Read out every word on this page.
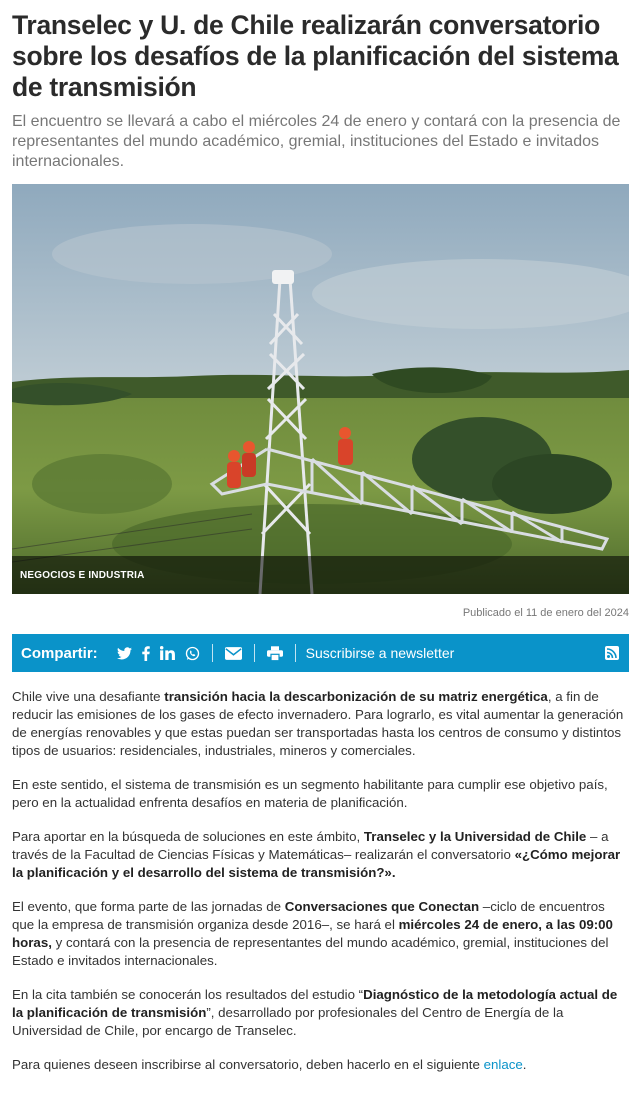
Transelec y U. de Chile realizarán conversatorio sobre los desafíos de la planificación del sistema de transmisión

El encuentro se llevará a cabo el miércoles 24 de enero y contará con la presencia de representantes del mundo académico, gremial, instituciones del Estado e invitados internacionales.

NEGOCIOS E INDUSTRIA
Publicado el 11 de enero del 2024
Compartir:	Suscribirse a newsletter

Chile vive una desafiante transición hacia la descarbonización de su matriz energética, a fin de reducir las emisiones de los gases de efecto invernadero. Para lograrlo, es vital aumentar la generación de energías renovables y que estas puedan ser transportadas hasta los centros de consumo y distintos tipos de usuarios: residenciales, industriales, mineros y comerciales.

En este sentido, el sistema de transmisión es un segmento habilitante para cumplir ese objetivo país, pero en la actualidad enfrenta desafíos en materia de planificación.

Para aportar en la búsqueda de soluciones en este ámbito, Transelec y la Universidad de Chile – a través de la Facultad de Ciencias Físicas y Matemáticas– realizarán el conversatorio «¿Cómo mejorar la planificación y el desarrollo del sistema de transmisión?».

El evento, que forma parte de las jornadas de Conversaciones que Conectan –ciclo de encuentros que la empresa de transmisión organiza desde 2016–, se hará el miércoles 24 de enero, a las 09:00 horas, y contará con la presencia de representantes del mundo académico, gremial, instituciones del Estado e invitados internacionales.

En la cita también se conocerán los resultados del estudio “Diagnóstico de la metodología actual de la planificación de transmisión”, desarrollado por profesionales del Centro de Energía de la Universidad de Chile, por encargo de Transelec.

Para quienes deseen inscribirse al conversatorio, deben hacerlo en el siguiente enlace.
